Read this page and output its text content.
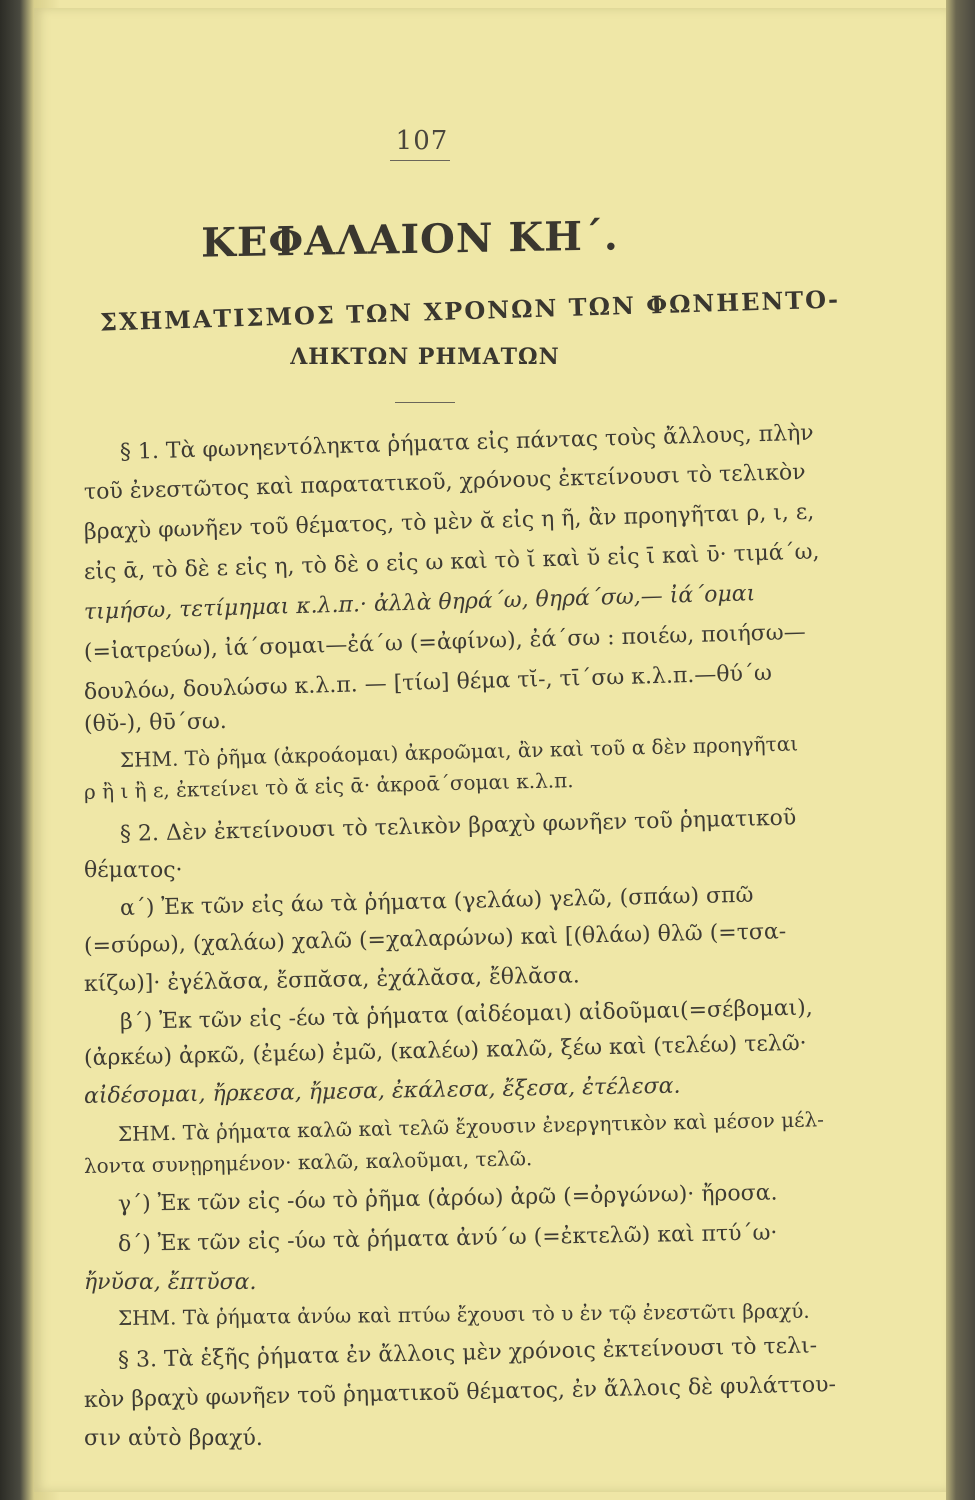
107
ΚΕΦΑΛΑΙΟΝ ΚΗ΄.
ΣΧΗΜΑΤΙΣΜΟΣ ΤΩΝ ΧΡΟΝΩΝ ΤΩΝ ΦΩΝΗΕΝΤΟ-
ΛΗΚΤΩΝ ΡΗΜΑΤΩΝ
§ 1. Τὰ φωνηεντόληκτα ῥήματα εἰς πάντας τοὺς ἄλλους, πλὴν
τοῦ ἐνεστῶτος καὶ παρατατικοῦ, χρόνους ἐκτείνουσι τὸ τελικὸν
βραχὺ φωνῆεν τοῦ θέματος, τὸ μὲν ᾰ εἰς η ῆ, ἂν προηγῆται ρ, ι, ε,
εἰς ᾱ, τὸ δὲ ε εἰς η, τὸ δὲ ο εἰς ω καὶ τὸ ῐ καὶ ῠ εἰς ῑ καὶ ῡ· τιμά΄ω,
τιμήσω, τετίμημαι κ.λ.π.· ἀλλὰ θηρά΄ω, θηρά΄σω,— ἰά΄ομαι
(=ἰατρεύω), ἰά΄σομαι—ἐά΄ω (=ἀφίνω), ἐά΄σω : ποιέω, ποιήσω—
δουλόω, δουλώσω κ.λ.π. — [τίω] θέμα τῐ-, τῑ΄σω κ.λ.π.—θύ΄ω
(θῠ-), θῡ΄σω.
ΣΗΜ. Τὸ ῥῆμα (ἀκροάομαι) ἀκροῶμαι, ἂν καὶ τοῦ α δὲν προηγῆται
ρ ἢ ι ἢ ε, ἐκτείνει τὸ ᾰ εἰς ᾱ· ἀκροᾱ΄σομαι κ.λ.π.
§ 2. Δὲν ἐκτείνουσι τὸ τελικὸν βραχὺ φωνῆεν τοῦ ῥηματικοῦ
θέματος·
α΄) Ἐκ τῶν εἰς άω τὰ ῥήματα (γελάω) γελῶ, (σπάω) σπῶ
(=σύρω), (χαλάω) χαλῶ (=χαλαρώνω) καὶ [(θλάω) θλῶ (=τσα-
κίζω)]· ἐγέλᾰσα, ἔσπᾰσα, ἐχάλᾰσα, ἔθλᾰσα.
β΄) Ἐκ τῶν εἰς -έω τὰ ῥήματα (αἰδέομαι) αἰδοῦμαι(=σέβομαι),
(ἀρκέω) ἀρκῶ, (ἐμέω) ἐμῶ, (καλέω) καλῶ, ξέω καὶ (τελέω) τελῶ·
αἰδέσομαι, ἤρκεσα, ἤμεσα, ἐκάλεσα, ἔξεσα, ἐτέλεσα.
ΣΗΜ. Τὰ ῥήματα καλῶ καὶ τελῶ ἔχουσιν ἐνεργητικὸν καὶ μέσον μέλ-
λοντα συνῃρημένον· καλῶ, καλοῦμαι, τελῶ.
γ΄) Ἐκ τῶν εἰς -όω τὸ ῥῆμα (ἀρόω) ἀρῶ (=ὀργώνω)· ἤροσα.
δ΄) Ἐκ τῶν εἰς -ύω τὰ ῥήματα ἀνύ΄ω (=ἐκτελῶ) καὶ πτύ΄ω·
ἤνῠσα, ἔπτῠσα.
ΣΗΜ. Τὰ ῥήματα ἀνύω καὶ πτύω ἔχουσι τὸ υ ἐν τῷ ἐνεστῶτι βραχύ.
§ 3. Τὰ ἑξῆς ῥήματα ἐν ἄλλοις μὲν χρόνοις ἐκτείνουσι τὸ τελι-
κὸν βραχὺ φωνῆεν τοῦ ῥηματικοῦ θέματος, ἐν ἄλλοις δὲ φυλάττου-
σιν αὐτὸ βραχύ.
